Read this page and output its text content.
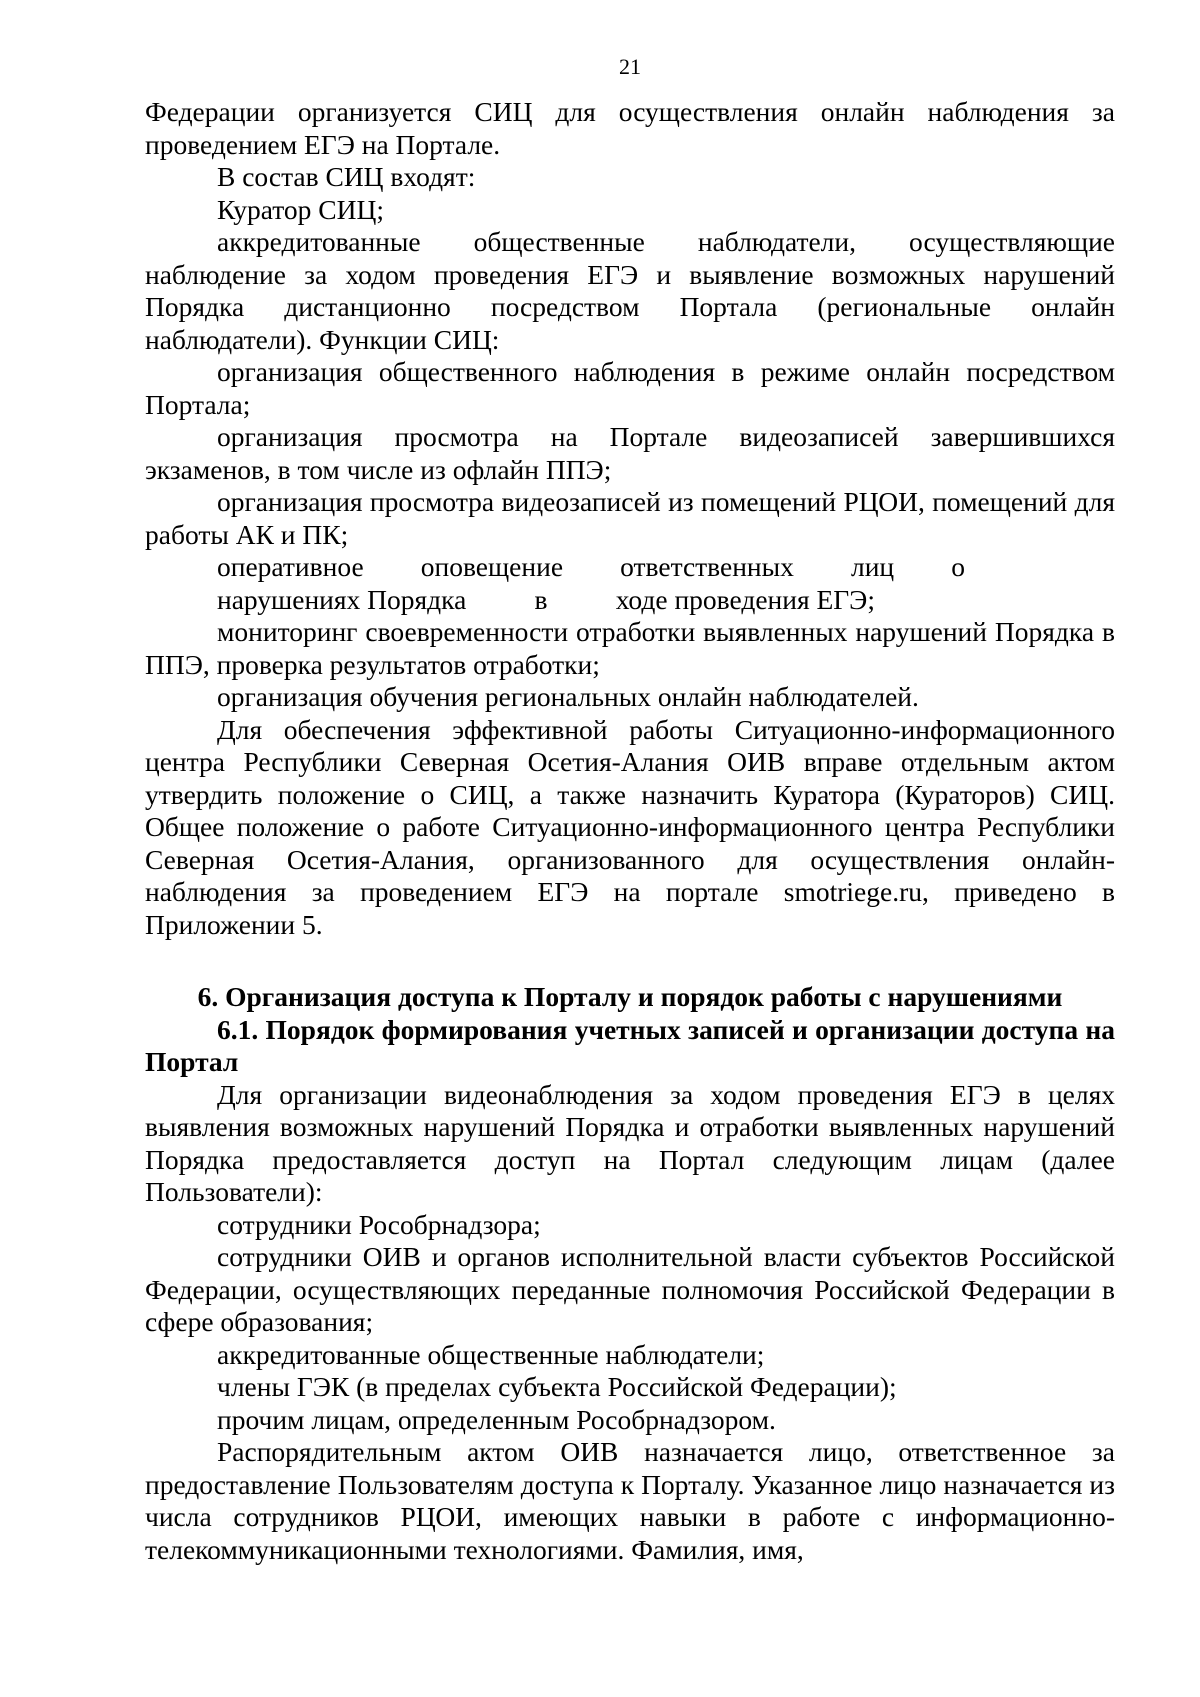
21

Федерации организуется СИЦ для осуществления онлайн наблюдения за проведением ЕГЭ на Портале.

В состав СИЦ входят:

Куратор СИЦ;

аккредитованные общественные наблюдатели, осуществляющие наблюдение за ходом проведения ЕГЭ и выявление возможных нарушений Порядка дистанционно посредством Портала (региональные онлайн наблюдатели). Функции СИЦ:

организация общественного наблюдения в режиме онлайн посредством Портала;

организация просмотра на Портале видеозаписей завершившихся экзаменов, в том числе из офлайн ППЭ;

организация просмотра видеозаписей из помещений РЦОИ, помещений для работы АК и ПК;

оперативное оповещение ответственных лиц о
нарушениях Порядка в ходе проведения ЕГЭ;

мониторинг своевременности отработки выявленных нарушений Порядка в ППЭ, проверка результатов отработки;

организация обучения региональных онлайн наблюдателей.

Для обеспечения эффективной работы Ситуационно-информационного центра Республики Северная Осетия-Алания ОИВ вправе отдельным актом утвердить положение о СИЦ, а также назначить Куратора (Кураторов) СИЦ. Общее положение о работе Ситуационно-информационного центра Республики Северная Осетия-Алания, организованного для осуществления онлайн-наблюдения за проведением ЕГЭ на портале smotriege.ru, приведено в Приложении 5.

6. Организация доступа к Порталу и порядок работы с нарушениями
6.1. Порядок формирования учетных записей и организации доступа на Портал

Для организации видеонаблюдения за ходом проведения ЕГЭ в целях выявления возможных нарушений Порядка и отработки выявленных нарушений Порядка предоставляется доступ на Портал следующим лицам (далее Пользователи):

сотрудники Рособрнадзора;

сотрудники ОИВ и органов исполнительной власти субъектов Российской Федерации, осуществляющих переданные полномочия Российской Федерации в сфере образования;

аккредитованные общественные наблюдатели;

члены ГЭК (в пределах субъекта Российской Федерации);

прочим лицам, определенным Рособрнадзором.

Распорядительным актом ОИВ назначается лицо, ответственное за предоставление Пользователям доступа к Порталу. Указанное лицо назначается из числа сотрудников РЦОИ, имеющих навыки в работе с информационно-телекоммуникационными технологиями. Фамилия, имя,
